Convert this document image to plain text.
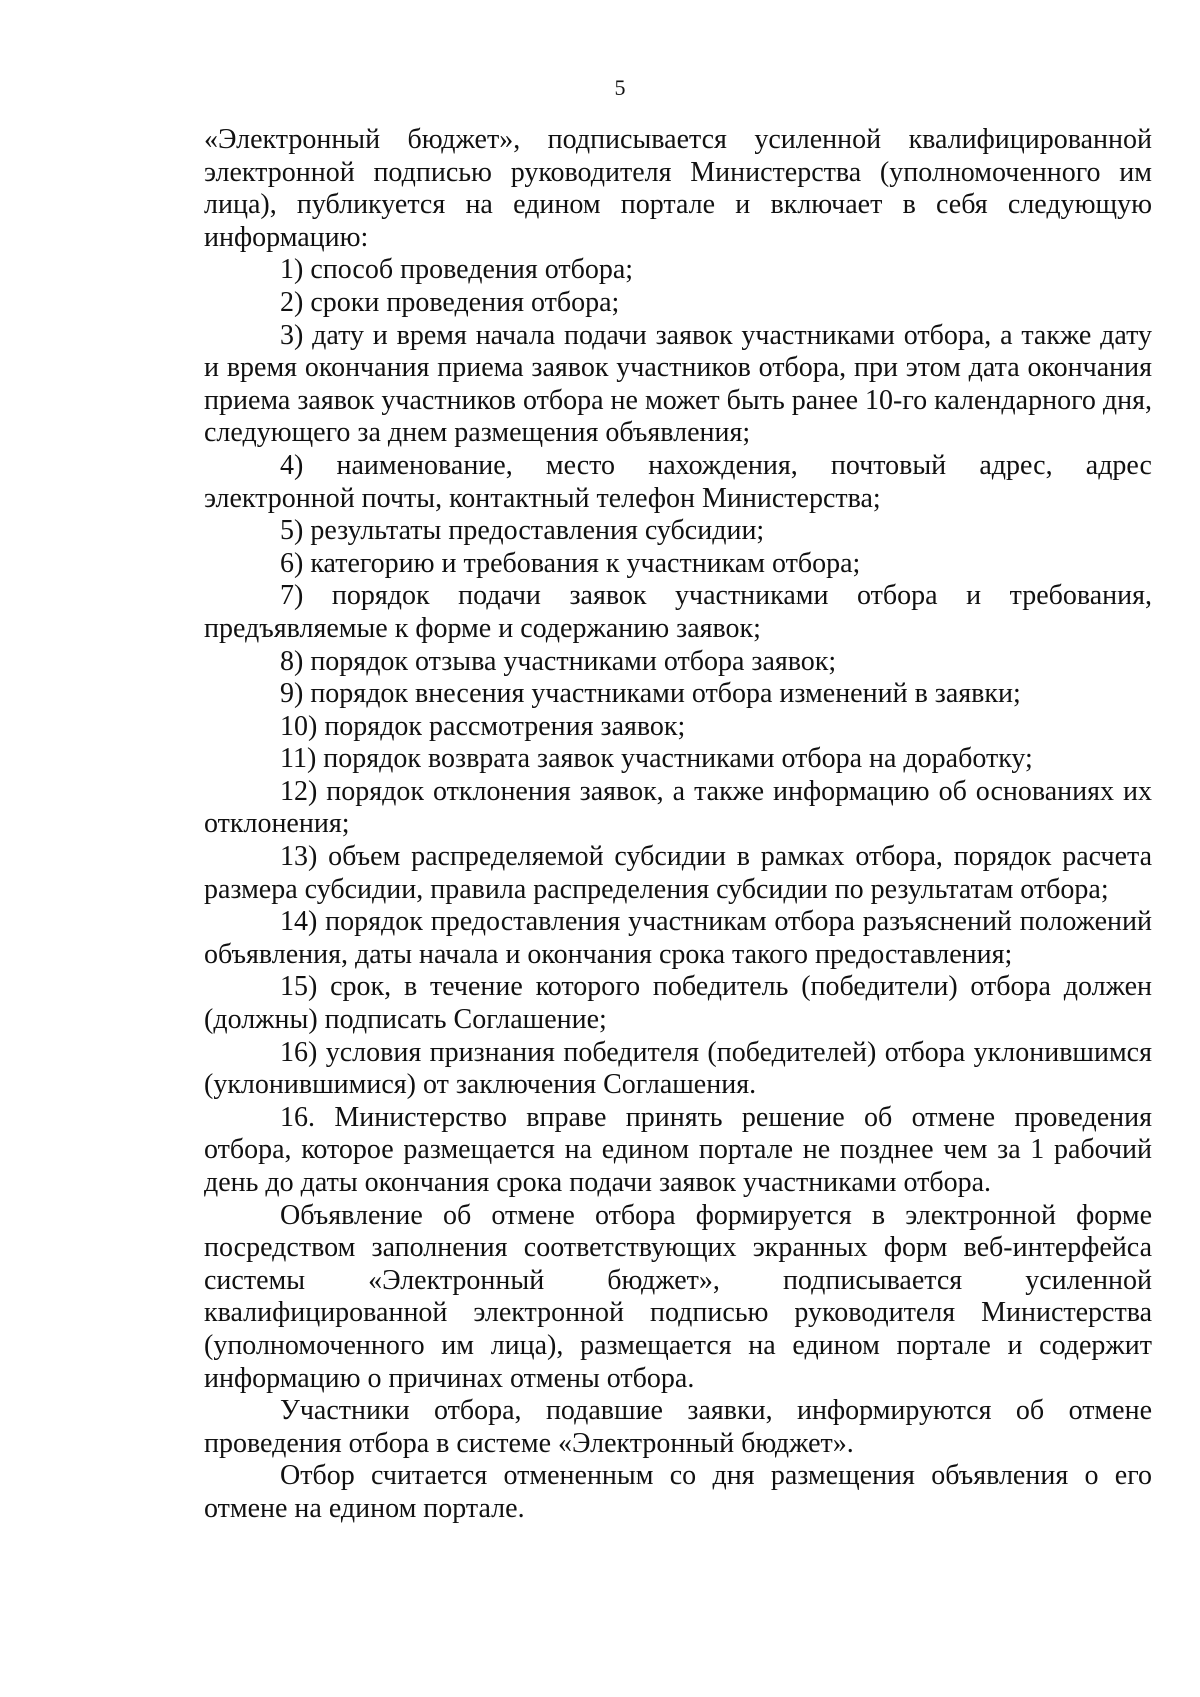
5

«Электронный бюджет», подписывается усиленной квалифицированной электронной подписью руководителя Министерства (уполномоченного им лица), публикуется на едином портале и включает в себя следующую информацию:

1) способ проведения отбора;

2) сроки проведения отбора;

3) дату и время начала подачи заявок участниками отбора, а также дату и время окончания приема заявок участников отбора, при этом дата окончания приема заявок участников отбора не может быть ранее 10-го календарного дня, следующего за днем размещения объявления;

4) наименование, место нахождения, почтовый адрес, адрес электронной почты, контактный телефон Министерства;

5) результаты предоставления субсидии;

6) категорию и требования к участникам отбора;

7) порядок подачи заявок участниками отбора и требования, предъявляемые к форме и содержанию заявок;

8) порядок отзыва участниками отбора заявок;

9) порядок внесения участниками отбора изменений в заявки;

10) порядок рассмотрения заявок;

11) порядок возврата заявок участниками отбора на доработку;

12) порядок отклонения заявок, а также информацию об основаниях их отклонения;

13) объем распределяемой субсидии в рамках отбора, порядок расчета размера субсидии, правила распределения субсидии по результатам отбора;

14) порядок предоставления участникам отбора разъяснений положений объявления, даты начала и окончания срока такого предоставления;

15) срок, в течение которого победитель (победители) отбора должен (должны) подписать Соглашение;

16) условия признания победителя (победителей) отбора уклонившимся (уклонившимися) от заключения Соглашения.

16. Министерство вправе принять решение об отмене проведения отбора, которое размещается на едином портале не позднее чем за 1 рабочий день до даты окончания срока подачи заявок участниками отбора.

Объявление об отмене отбора формируется в электронной форме посредством заполнения соответствующих экранных форм веб-интерфейса системы «Электронный бюджет», подписывается усиленной квалифицированной электронной подписью руководителя Министерства (уполномоченного им лица), размещается на едином портале и содержит информацию о причинах отмены отбора.

Участники отбора, подавшие заявки, информируются об отмене проведения отбора в системе «Электронный бюджет».

Отбор считается отмененным со дня размещения объявления о его отмене на едином портале.
